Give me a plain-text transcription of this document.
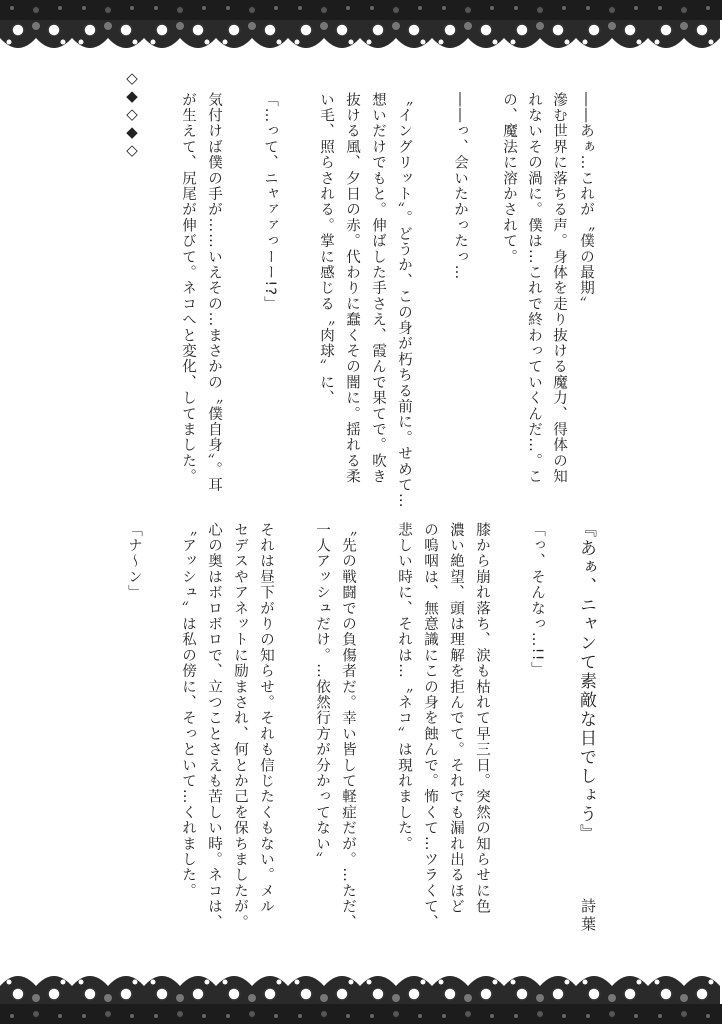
『あぁ、ニャンて素敵な日でしょう』
詩葉
「っ、そんなっ…!!」
膝から崩れ落ち、涙も枯れて早三日。突然の知らせに色
濃い絶望、頭は理解を拒んでて。それでも漏れ出るほど
の嗚咽は、無意識にこの身を蝕んで。怖くて…ツラくて、
悲しい時に、それは…〝ネコ〟は現れました。
〝先の戦闘での負傷者だ。幸い皆して軽症だが。…ただ、
一人アッシュだけ。…依然行方が分かってない〟
それは昼下がりの知らせ。それも信じたくもない。メル
セデスやアネットに励まされ、何とか己を保ちましたが。
心の奥はボロボロで、立つことさえも苦しい時。ネコは、
〝アッシュ〟は私の傍に、そっといて…くれました。
「ナ〜ン」
――あぁ…これが〝僕の最期〟
滲む世界に落ちる声。身体を走り抜ける魔力、得体の知
れないその渦に。僕は…これで終わっていくんだ…。こ
の、魔法に溶かされて。
――っ、会いたかったっ…
〝イングリット〟。どうか、この身が朽ちる前に。せめて…
想いだけでもと。伸ばした手さえ、霞んで果てで。吹き
抜ける風、夕日の赤。代わりに蠢くその闇に。揺れる柔
い毛、照らされる。掌に感じる〝肉球〟に、
「…って、ニャァァっーー!?」
気付けば僕の手が……いえその…まさかの〝僕自身〟。耳
が生えて、尻尾が伸びて。ネコへと変化、してました。
◇
◆
◇
◆
◇
